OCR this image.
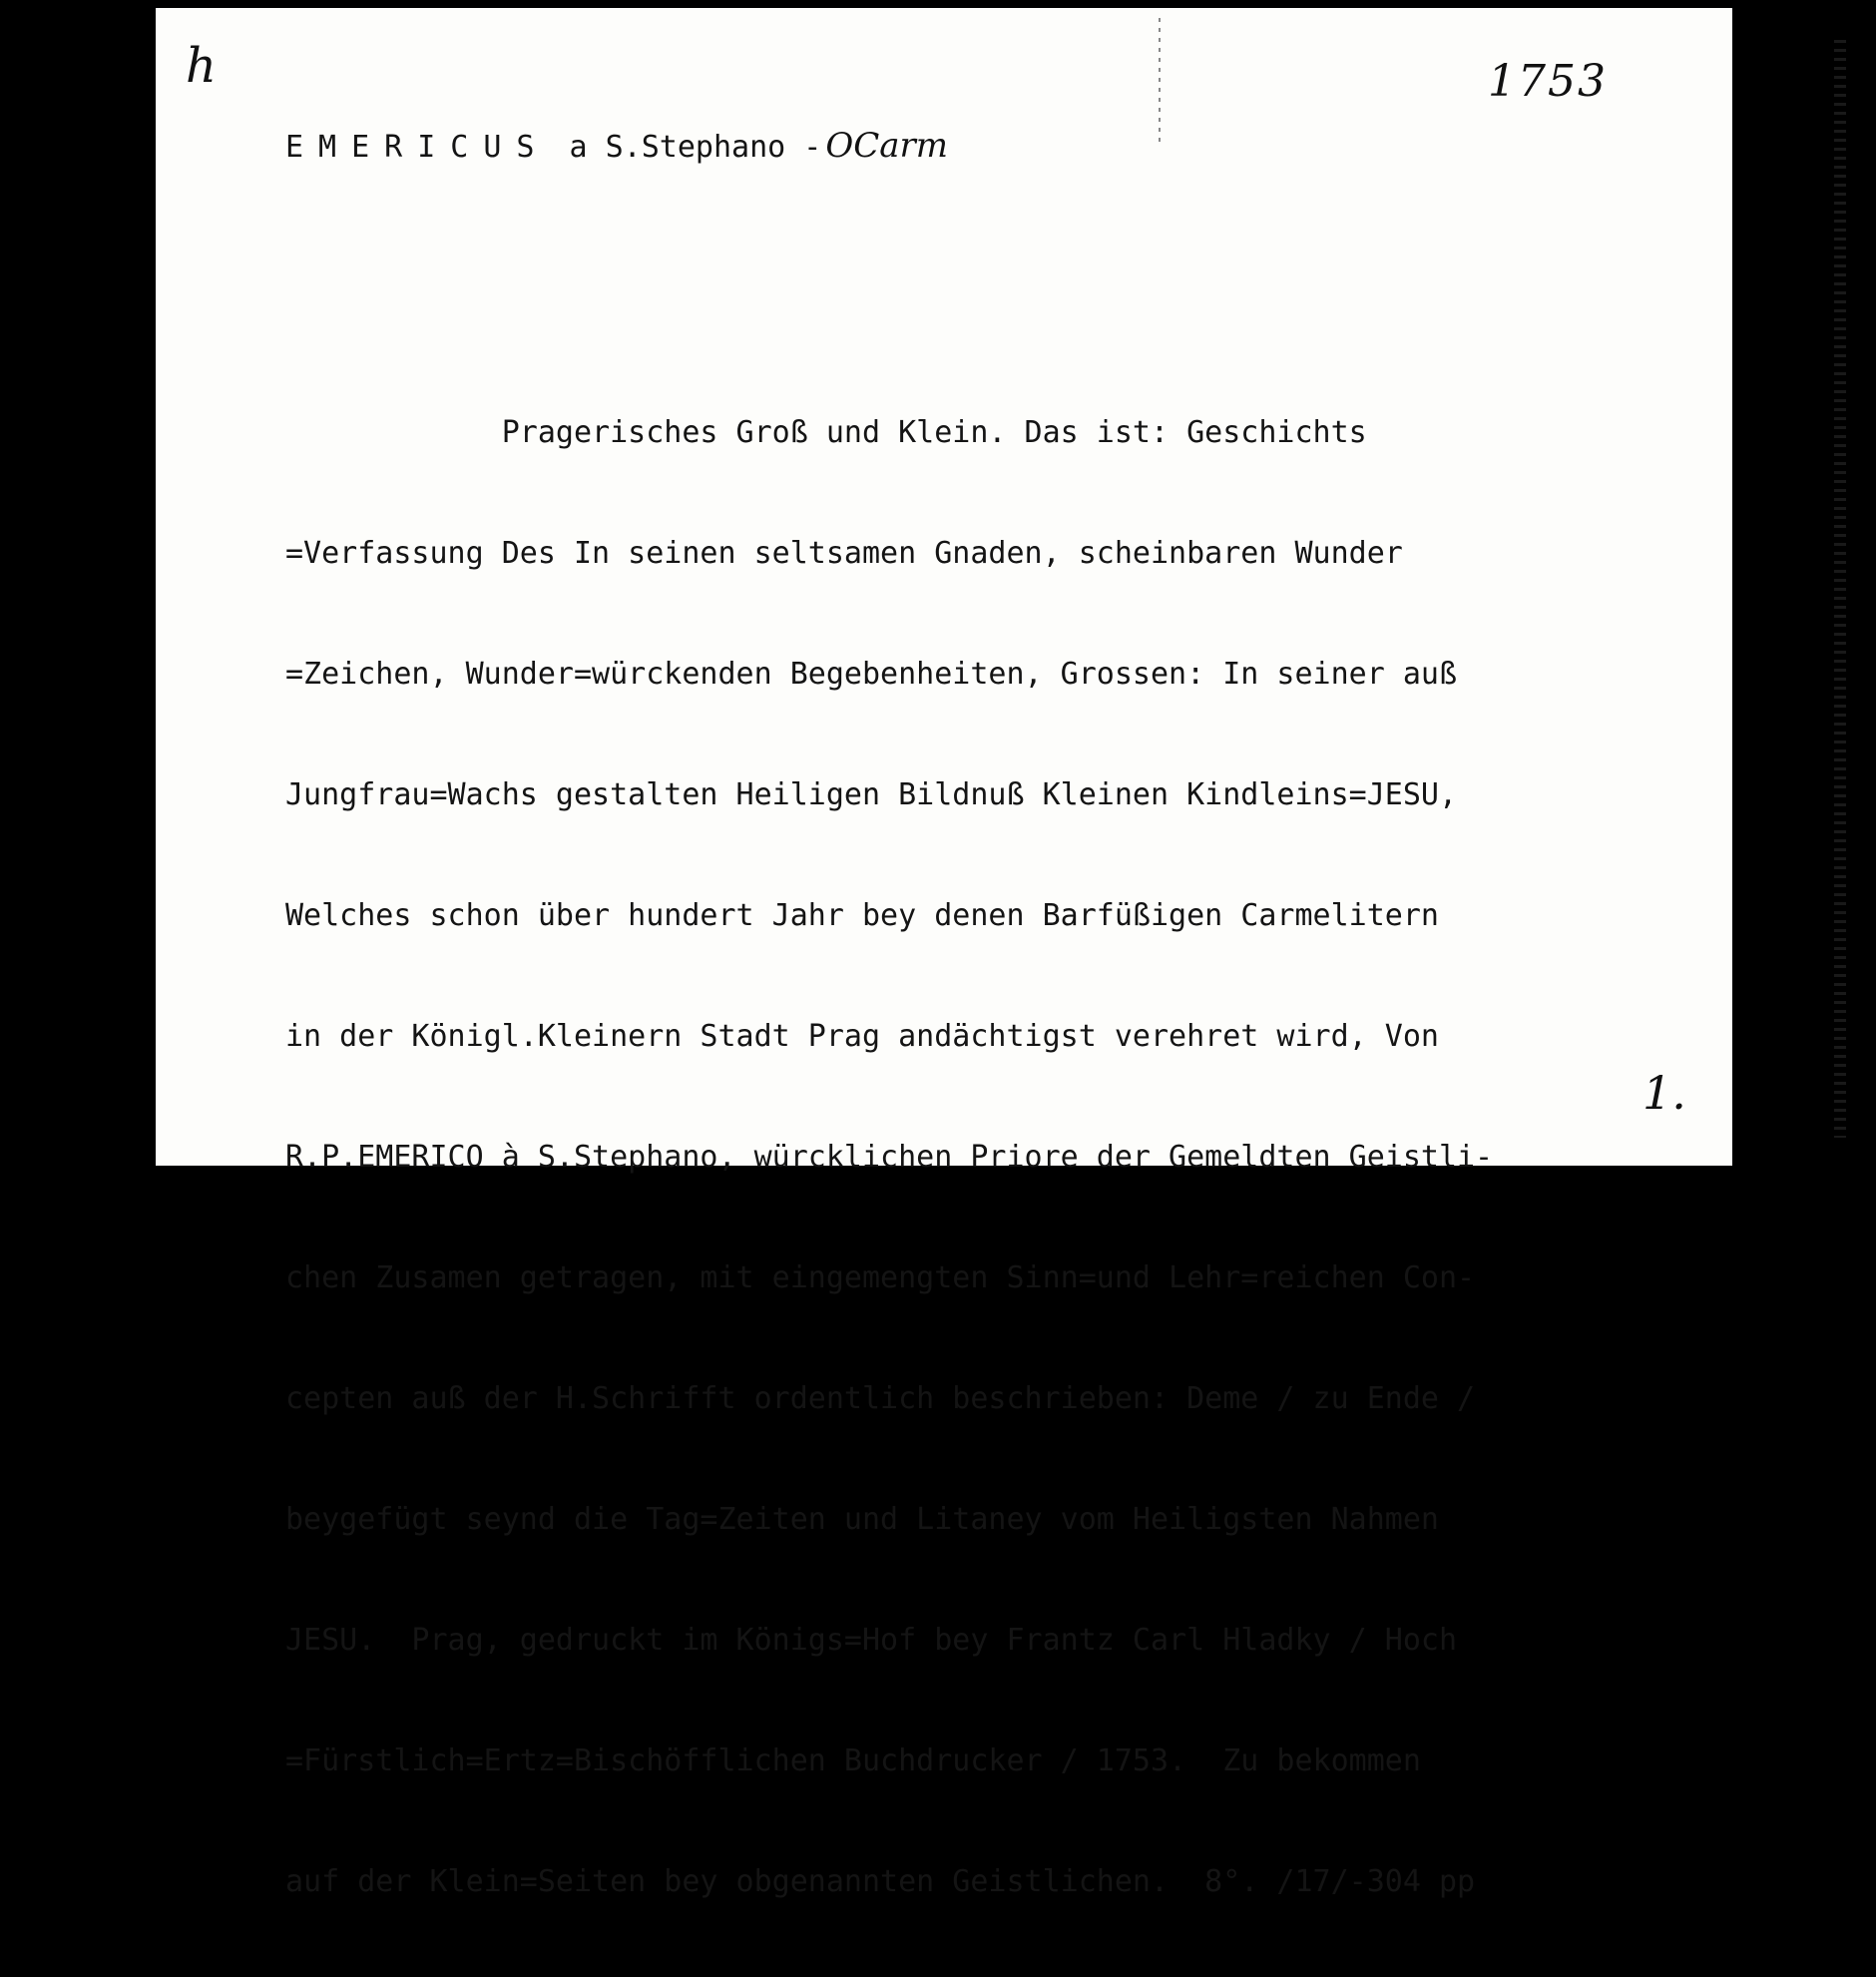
h	1753
EMERICUS a S.Stephano - OCarm

Pragerisches Groß und Klein. Das ist: Geschichts

=Verfassung Des In seinen seltsamen Gnaden, scheinbaren Wunder

=Zeichen, Wunder=würckenden Begebenheiten, Grossen: In seiner auß

Jungfrau=Wachs gestalten Heiligen Bildnuß Kleinen Kindleins=JESU,

Welches schon über hundert Jahr bey denen Barfüßigen Carmelitern

in der Königl.Kleinern Stadt Prag andächtigst verehret wird, Von

R.P.EMERICO à S.Stephano, würcklichen Priore der Gemeldten Geistli-

chen Zusamen getragen, mit eingemengten Sinn=und Lehr=reichen Con-

cepten auß der H.Schrifft ordentlich beschrieben: Deme / zu Ende /

beygefügt seynd die Tag=Zeiten und Litaney vom Heiligsten Nahmen

JESU.  Prag, gedruckt im Königs=Hof bey Frantz Carl Hladky / Hoch

=Fürstlich=Ertz=Bischöfflichen Buchdrucker / 1753.  Zu bekommen

auf der Klein=Seiten bey obgenannten Geistlichen.  8°. /17/-304 pp

1.
